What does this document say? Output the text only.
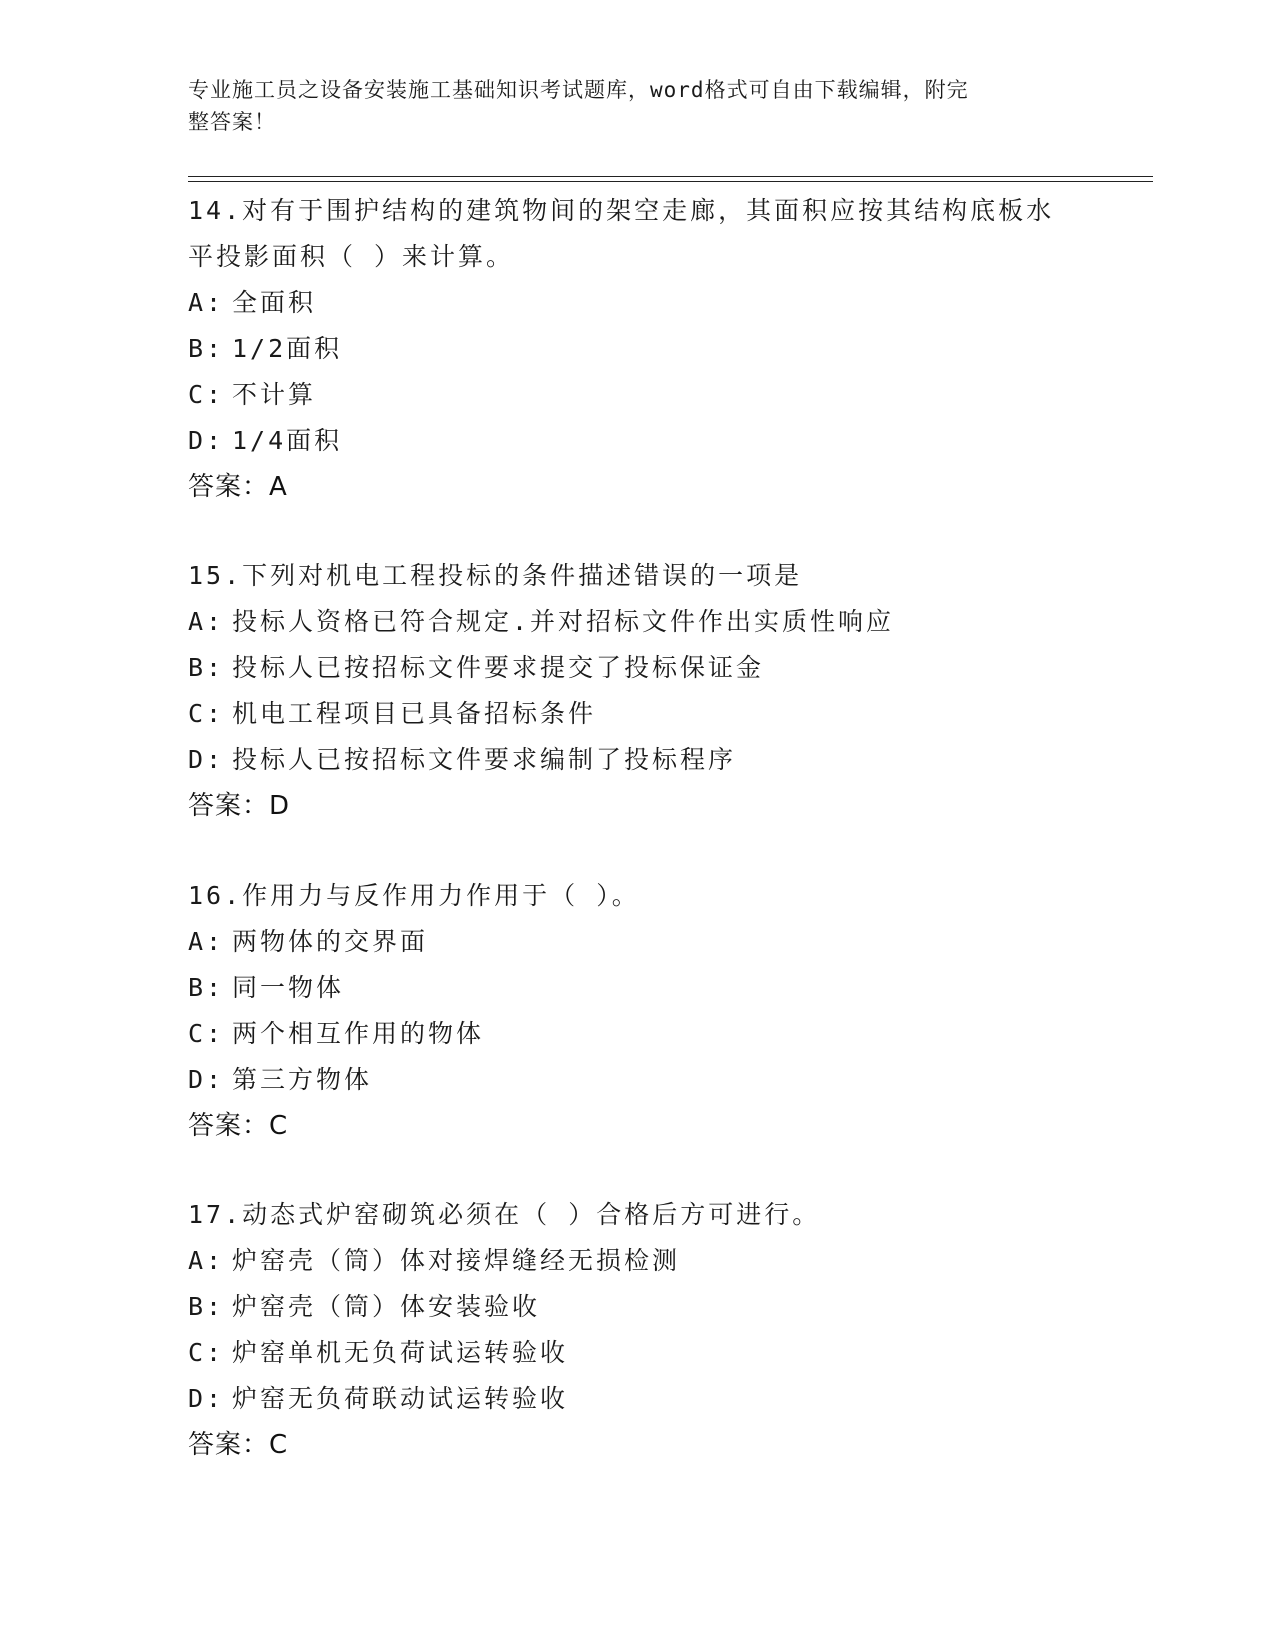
专业施工员之设备安装施工基础知识考试题库，word格式可自由下载编辑，附完
整答案！
14.对有于围护结构的建筑物间的架空走廊，其面积应按其结构底板水
平投影面积（ ）来计算。
A: 全面积
B: 1/2面积
C: 不计算
D: 1/4面积
答案：A
15.下列对机电工程投标的条件描述错误的一项是
A: 投标人资格已符合规定.并对招标文件作出实质性响应
B: 投标人已按招标文件要求提交了投标保证金
C: 机电工程项目已具备招标条件
D: 投标人已按招标文件要求编制了投标程序
答案：D
16.作用力与反作用力作用于（ ）。
A: 两物体的交界面
B: 同一物体
C: 两个相互作用的物体
D: 第三方物体
答案：C
17.动态式炉窑砌筑必须在（ ）合格后方可进行。
A: 炉窑壳（筒）体对接焊缝经无损检测
B: 炉窑壳（筒）体安装验收
C: 炉窑单机无负荷试运转验收
D: 炉窑无负荷联动试运转验收
答案：C
